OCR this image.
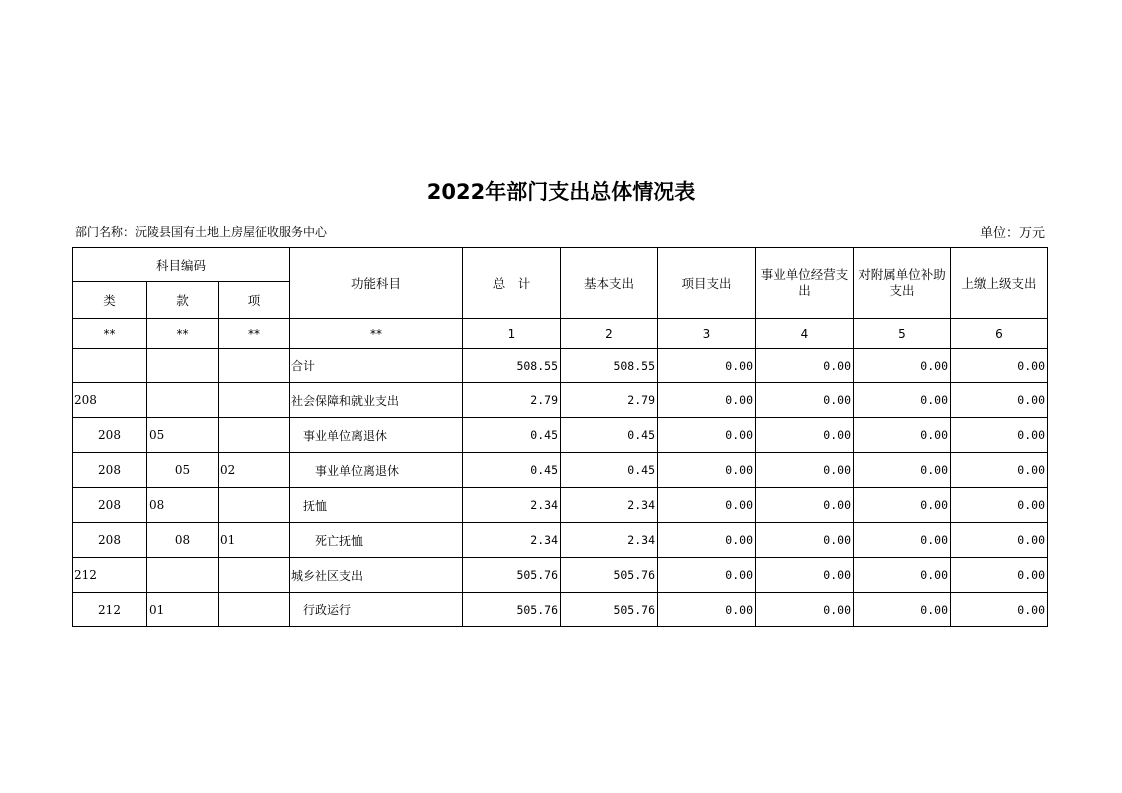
2022年部门支出总体情况表
部门名称：沅陵县国有土地上房屋征收服务中心	单位：万元
科目编码			功能科目	总　计	基本支出	项目支出	事业单位经营支出	对附属单位补助支出	上缴上级支出
类	款	项							
**	**	**	**	1	2	3	4	5	6
			合计	508.55	508.55	0.00	0.00	0.00	0.00
208			社会保障和就业支出	2.79	2.79	0.00	0.00	0.00	0.00
208	05		事业单位离退休	0.45	0.45	0.00	0.00	0.00	0.00
208	05	02	事业单位离退休	0.45	0.45	0.00	0.00	0.00	0.00
208	08		抚恤	2.34	2.34	0.00	0.00	0.00	0.00
208	08	01	死亡抚恤	2.34	2.34	0.00	0.00	0.00	0.00
212			城乡社区支出	505.76	505.76	0.00	0.00	0.00	0.00
212	01		行政运行	505.76	505.76	0.00	0.00	0.00	0.00
